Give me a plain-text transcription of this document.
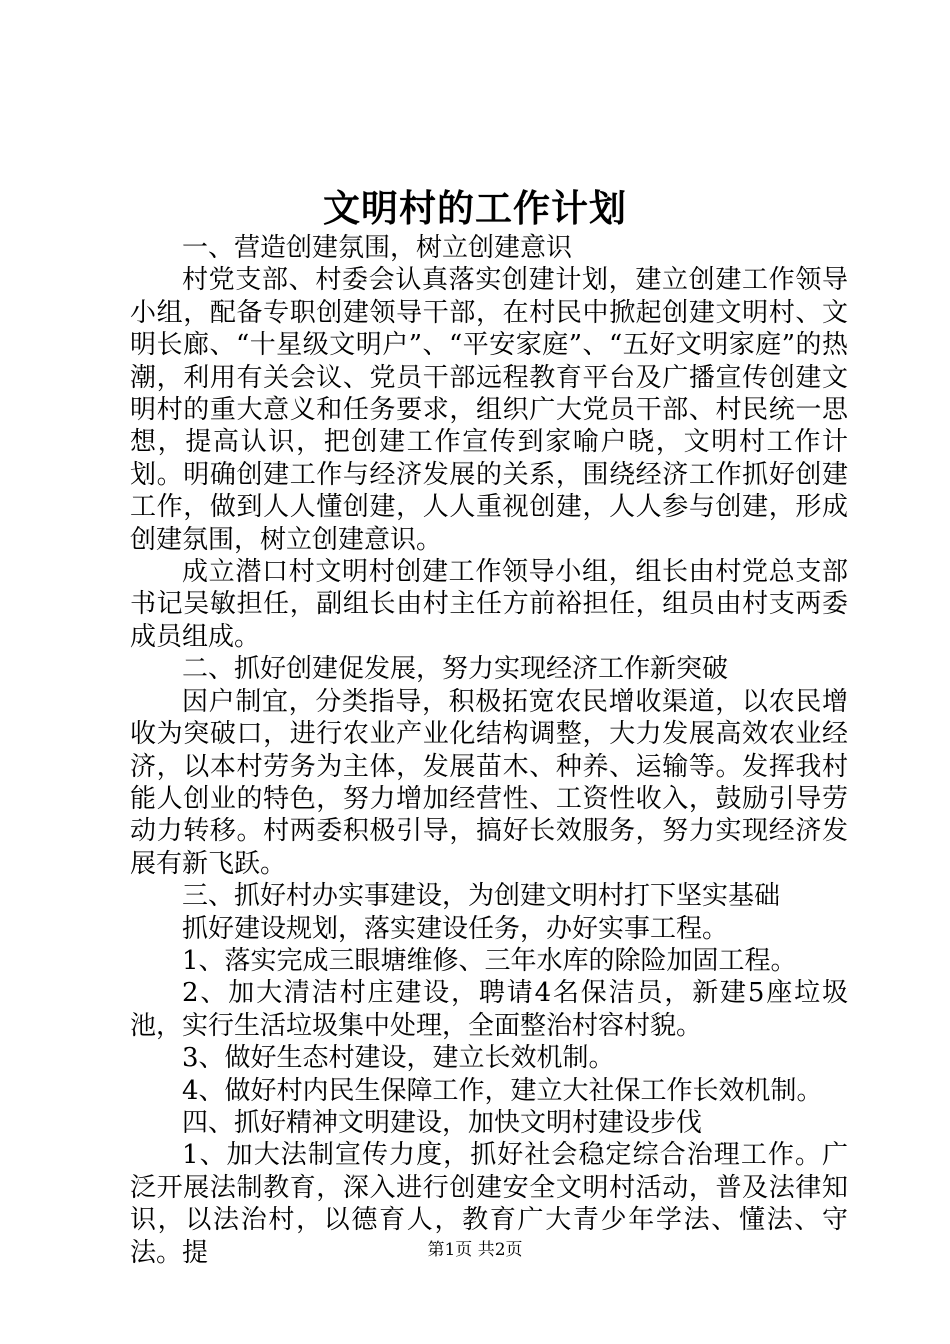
文明村的工作计划

一、营造创建氛围，树立创建意识

村党支部、村委会认真落实创建计划，建立创建工作领导小组，配备专职创建领导干部，在村民中掀起创建文明村、文明长廊、“十星级文明户”、“平安家庭”、“五好文明家庭”的热潮，利用有关会议、党员干部远程教育平台及广播宣传创建文明村的重大意义和任务要求，组织广大党员干部、村民统一思想，提高认识，把创建工作宣传到家喻户晓，文明村工作计划。明确创建工作与经济发展的关系，围绕经济工作抓好创建工作，做到人人懂创建，人人重视创建，人人参与创建，形成创建氛围，树立创建意识。

成立潜口村文明村创建工作领导小组，组长由村党总支部书记吴敏担任，副组长由村主任方前裕担任，组员由村支两委成员组成。

二、抓好创建促发展，努力实现经济工作新突破

因户制宜，分类指导，积极拓宽农民增收渠道，以农民增收为突破口，进行农业产业化结构调整，大力发展高效农业经济，以本村劳务为主体，发展苗木、种养、运输等。发挥我村能人创业的特色，努力增加经营性、工资性收入，鼓励引导劳动力转移。村两委积极引导，搞好长效服务，努力实现经济发展有新飞跃。

三、抓好村办实事建设，为创建文明村打下坚实基础

抓好建设规划，落实建设任务，办好实事工程。

1、落实完成三眼塘维修、三年水库的除险加固工程。

2、加大清洁村庄建设，聘请4名保洁员，新建5座垃圾池，实行生活垃圾集中处理，全面整治村容村貌。

3、做好生态村建设，建立长效机制。

4、做好村内民生保障工作，建立大社保工作长效机制。

四、抓好精神文明建设，加快文明村建设步伐

1、加大法制宣传力度，抓好社会稳定综合治理工作。广泛开展法制教育，深入进行创建安全文明村活动，普及法律知识，以法治村，以德育人，教育广大青少年学法、懂法、守法。提	第1页 共2页
